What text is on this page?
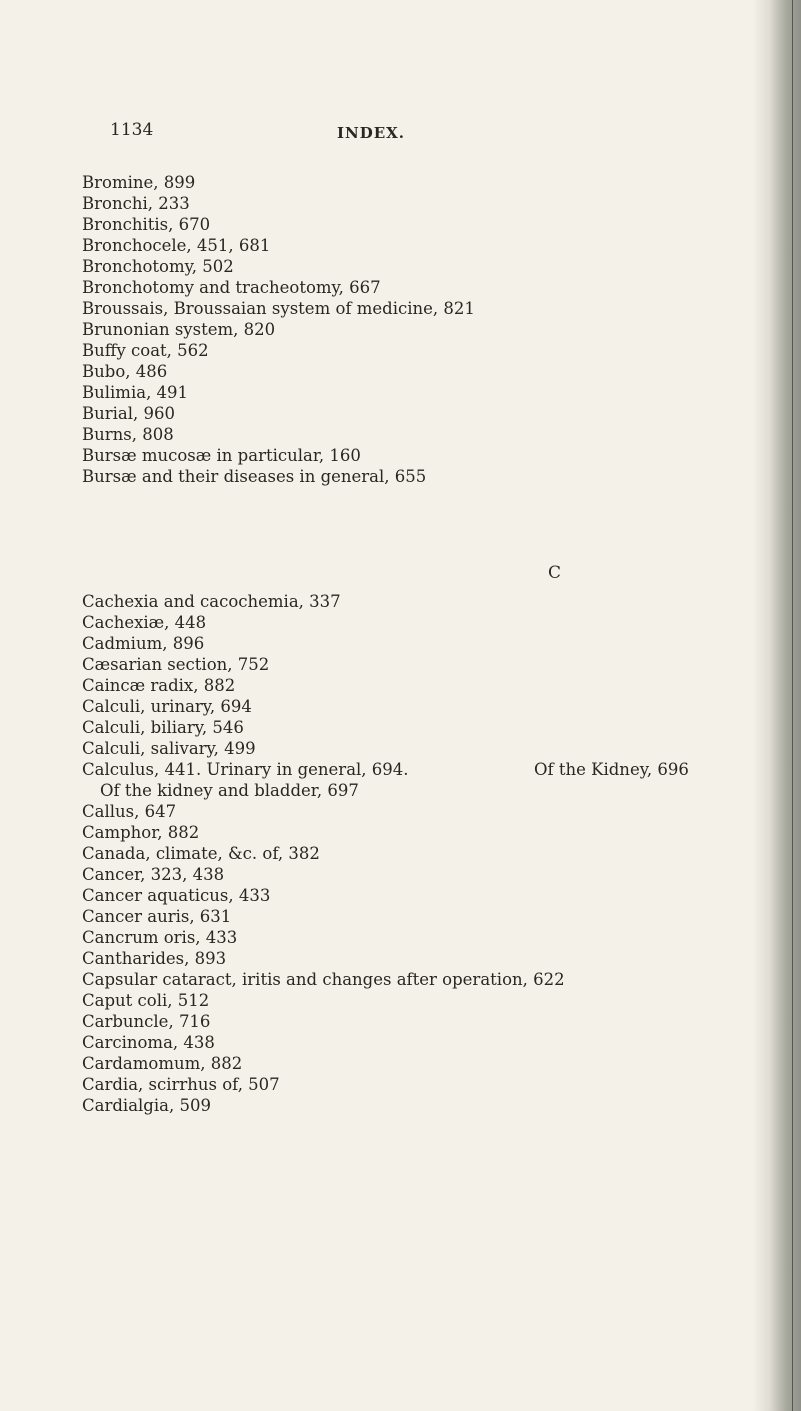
1134	INDEX.
Bromine, 899
Bronchi, 233
Bronchitis, 670
Bronchocele, 451, 681
Bronchotomy, 502
Bronchotomy and tracheotomy, 667
Broussais, Broussaian system of medicine, 821
Brunonian system, 820
Buffy coat, 562
Bubo, 486
Bulimia, 491
Burial, 960
Burns, 808
Bursæ mucosæ in particular, 160
Bursæ and their diseases in general, 655
C
Cachexia and cacochemia, 337
Cachexiæ, 448
Cadmium, 896
Cæsarian section, 752
Caincæ radix, 882
Calculi, urinary, 694
Calculi, biliary, 546
Calculi, salivary, 499
Calculus, 441. Urinary in general, 694.	Of the Kidney, 696
Of the kidney and bladder, 697
Callus, 647
Camphor, 882
Canada, climate, &c. of, 382
Cancer, 323, 438
Cancer aquaticus, 433
Cancer auris, 631
Cancrum oris, 433
Cantharides, 893
Capsular cataract, iritis and changes after operation, 622
Caput coli, 512
Carbuncle, 716
Carcinoma, 438
Cardamomum, 882
Cardia, scirrhus of, 507
Cardialgia, 509
